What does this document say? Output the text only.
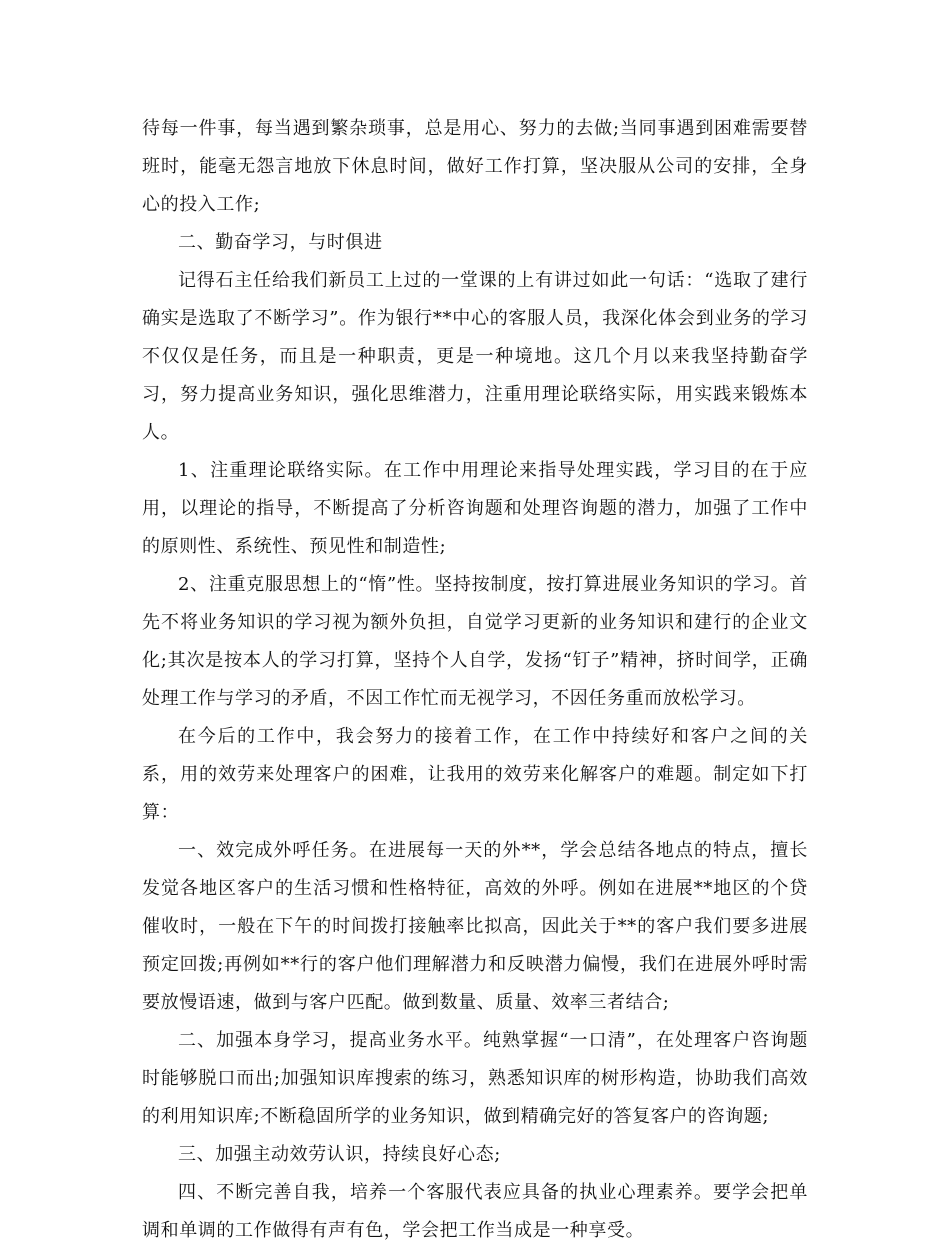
待每一件事，每当遇到繁杂琐事，总是用心、努力的去做;当同事遇到困难需要替班时，能毫无怨言地放下休息时间，做好工作打算，坚决服从公司的安排，全身心的投入工作;

二、勤奋学习，与时俱进

记得石主任给我们新员工上过的一堂课的上有讲过如此一句话：“选取了建行确实是选取了不断学习”。作为银行**中心的客服人员，我深化体会到业务的学习不仅仅是任务，而且是一种职责，更是一种境地。这几个月以来我坚持勤奋学习，努力提高业务知识，强化思维潜力，注重用理论联络实际，用实践来锻炼本人。

1、注重理论联络实际。在工作中用理论来指导处理实践，学习目的在于应用，以理论的指导，不断提高了分析咨询题和处理咨询题的潜力，加强了工作中的原则性、系统性、预见性和制造性;

2、注重克服思想上的“惰”性。坚持按制度，按打算进展业务知识的学习。首先不将业务知识的学习视为额外负担，自觉学习更新的业务知识和建行的企业文化;其次是按本人的学习打算，坚持个人自学，发扬“钉子”精神，挤时间学，正确处理工作与学习的矛盾，不因工作忙而无视学习，不因任务重而放松学习。

在今后的工作中，我会努力的接着工作，在工作中持续好和客户之间的关系，用的效劳来处理客户的困难，让我用的效劳来化解客户的难题。制定如下打算：

一、效完成外呼任务。在进展每一天的外**，学会总结各地点的特点，擅长发觉各地区客户的生活习惯和性格特征，高效的外呼。例如在进展**地区的个贷催收时，一般在下午的时间拨打接触率比拟高，因此关于**的客户我们要多进展预定回拨;再例如**行的客户他们理解潜力和反映潜力偏慢，我们在进展外呼时需要放慢语速，做到与客户匹配。做到数量、质量、效率三者结合;

二、加强本身学习，提高业务水平。纯熟掌握“一口清”，在处理客户咨询题时能够脱口而出;加强知识库搜索的练习，熟悉知识库的树形构造，协助我们高效的利用知识库;不断稳固所学的业务知识，做到精确完好的答复客户的咨询题;

三、加强主动效劳认识，持续良好心态;

四、不断完善自我，培养一个客服代表应具备的执业心理素养。要学会把单调和单调的工作做得有声有色，学会把工作当成是一种享受。
